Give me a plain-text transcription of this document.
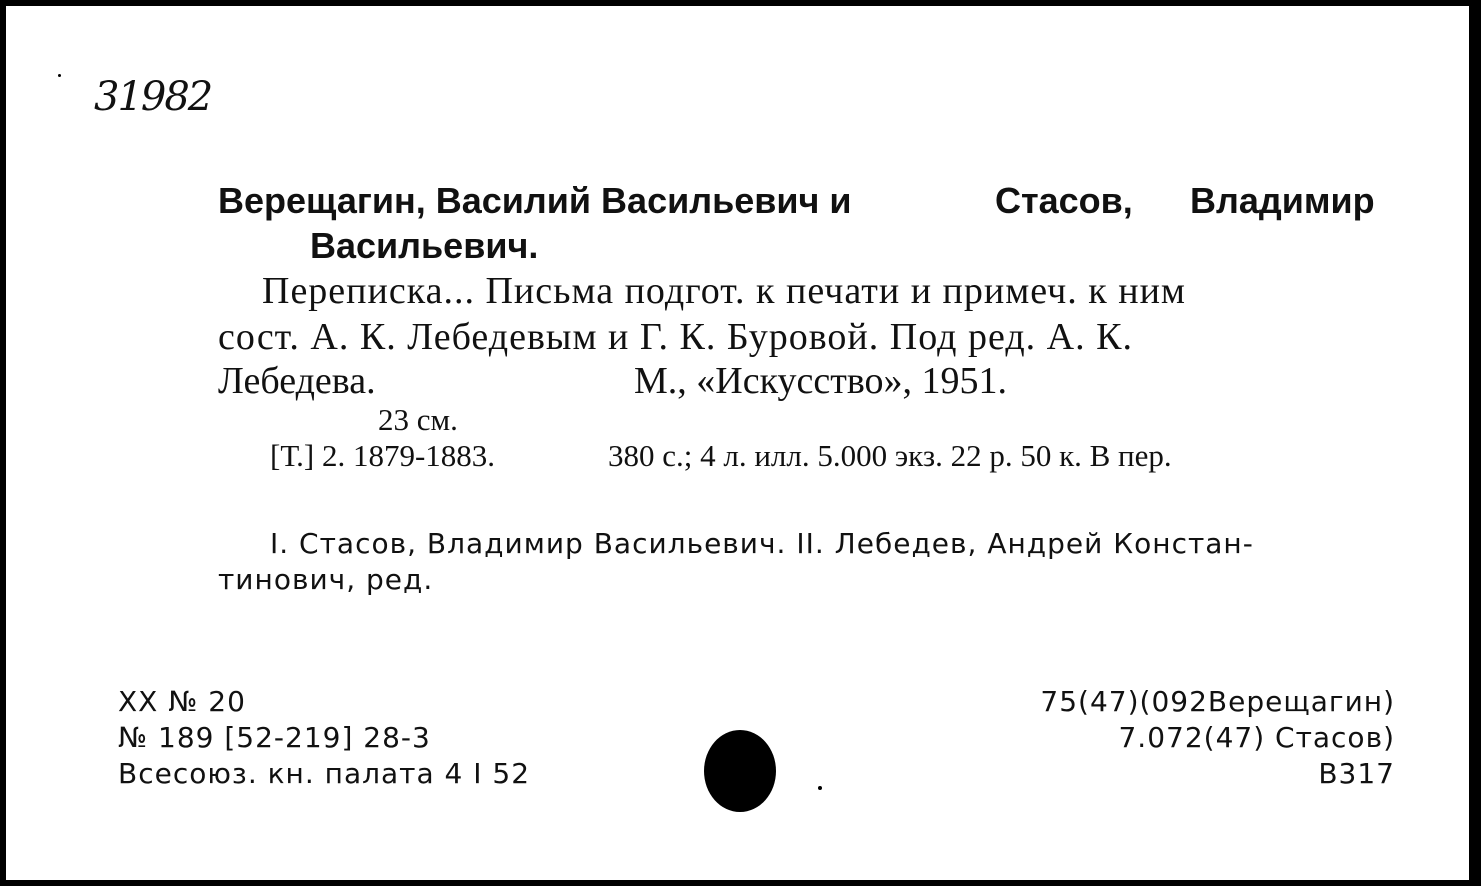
31982
Верещагин, Василий Васильевич и	Стасов, Владимир
Васильевич.
Переписка... Письма подгот. к печати и примеч. к ним
сост. А. К. Лебедевым и Г. К. Буровой. Под ред. А. К.
Лебедева.	М., «Искусство», 1951.
23 см.
[Т.] 2. 1879-1883.	380 с.; 4 л. илл. 5.000 экз. 22 р. 50 к. В пер.
I. Стасов, Владимир Васильевич. II. Лебедев, Андрей Констан-
тинович, ред.
XX № 20
№ 189 [52-219] 28-3
Всесоюз. кн. палата 4 I 52
75(47)(092Верещагин)
7.072(47) Стасов)
В317
